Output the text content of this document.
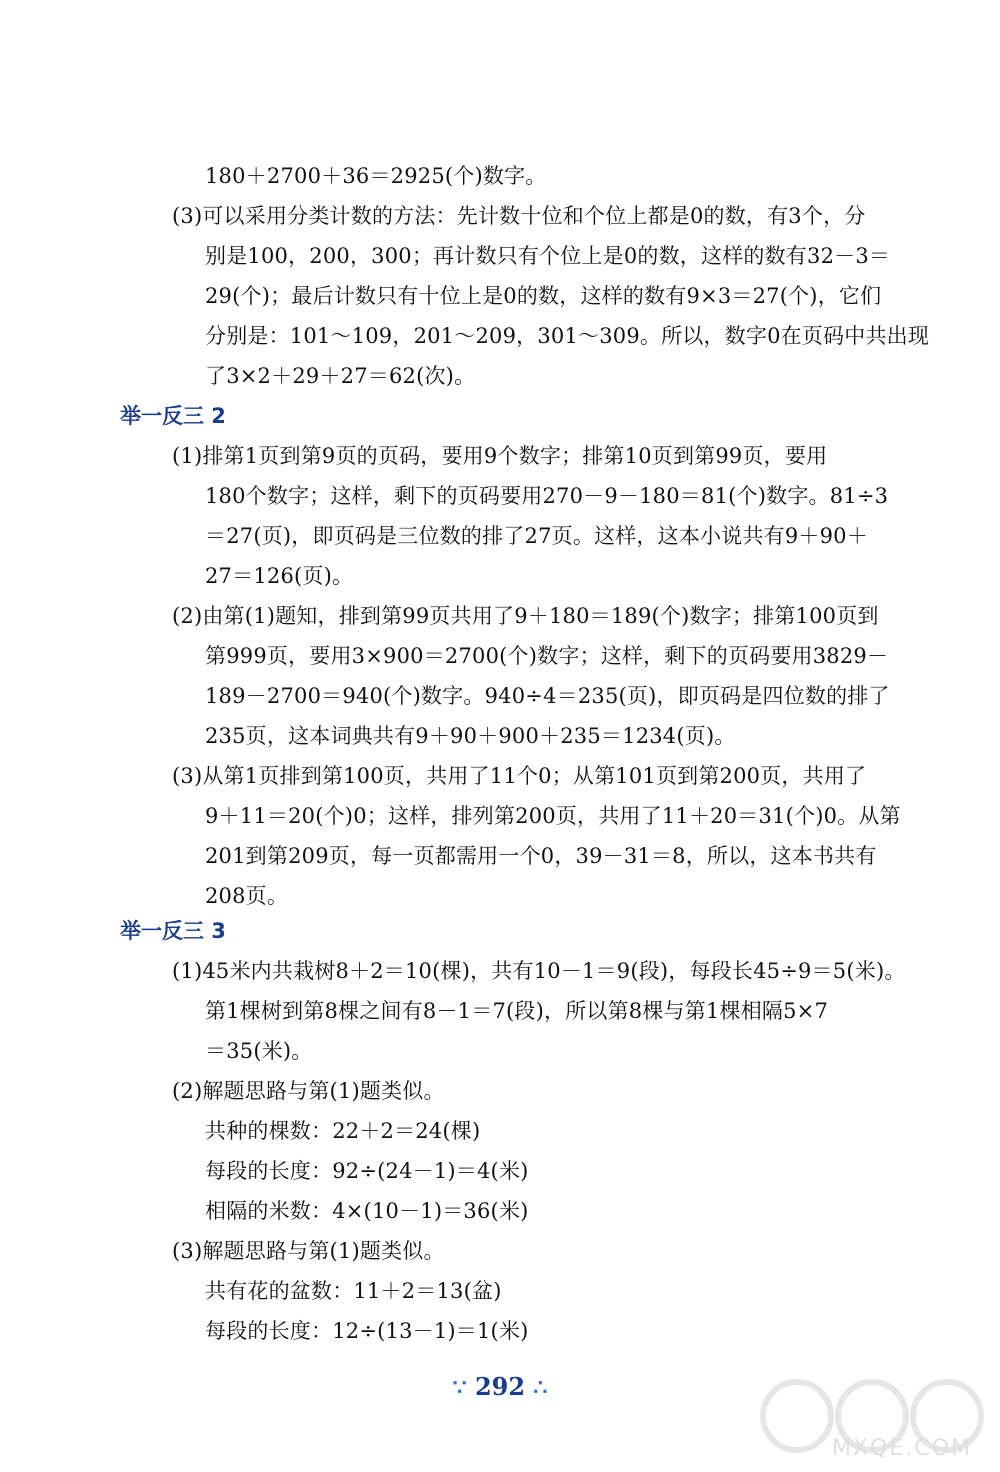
180＋2700＋36＝2925(个)数字。
(3)可以采用分类计数的方法：先计数十位和个位上都是0的数，有3个，分
别是100，200，300；再计数只有个位上是0的数，这样的数有32－3＝
29(个)；最后计数只有十位上是0的数，这样的数有9×3＝27(个)，它们
分别是：101～109，201～209，301～309。所以，数字0在页码中共出现
了3×2＋29＋27＝62(次)。
举一反三 2
(1)排第1页到第9页的页码，要用9个数字；排第10页到第99页，要用
180个数字；这样，剩下的页码要用270－9－180＝81(个)数字。81÷3
＝27(页)，即页码是三位数的排了27页。这样，这本小说共有9＋90＋
27＝126(页)。
(2)由第(1)题知，排到第99页共用了9＋180＝189(个)数字；排第100页到
第999页，要用3×900＝2700(个)数字；这样，剩下的页码要用3829－
189－2700＝940(个)数字。940÷4＝235(页)，即页码是四位数的排了
235页，这本词典共有9＋90＋900＋235＝1234(页)。
(3)从第1页排到第100页，共用了11个0；从第101页到第200页，共用了
9＋11＝20(个)0；这样，排列第200页，共用了11＋20＝31(个)0。从第
201到第209页，每一页都需用一个0，39－31＝8，所以，这本书共有
208页。
举一反三 3
(1)45米内共栽树8＋2＝10(棵)，共有10－1＝9(段)，每段长45÷9＝5(米)。
第1棵树到第8棵之间有8－1＝7(段)，所以第8棵与第1棵相隔5×7
＝35(米)。
(2)解题思路与第(1)题类似。
共种的棵数：22＋2＝24(棵)
每段的长度：92÷(24－1)＝4(米)
相隔的米数：4×(10－1)＝36(米)
(3)解题思路与第(1)题类似。
共有花的盆数：11＋2＝13(盆)
每段的长度：12÷(13－1)＝1(米)
∵ 292 ∴
MXQE.COM
